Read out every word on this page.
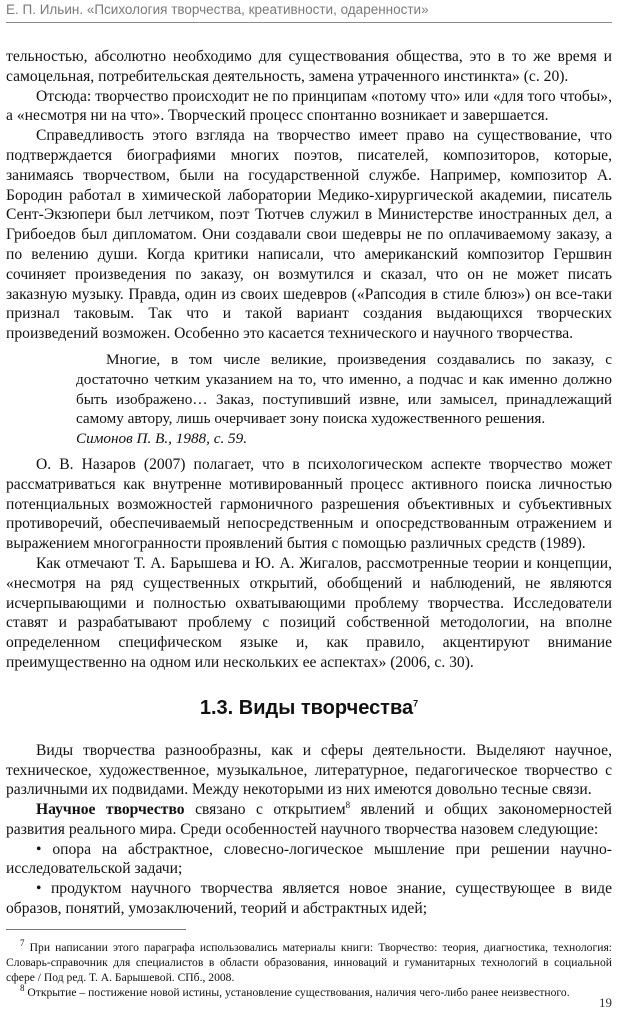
Е. П. Ильин. «Психология творчества, креативности, одаренности»

тельностью, абсолютно необходимо для существования общества, это в то же время и самоцельная, потребительская деятельность, замена утраченного инстинкта» (с. 20).

Отсюда: творчество происходит не по принципам «потому что» или «для того чтобы», а «несмотря ни на что». Творческий процесс спонтанно возникает и завершается.

Справедливость этого взгляда на творчество имеет право на существование, что подтверждается биографиями многих поэтов, писателей, композиторов, которые, занимаясь творчеством, были на государственной службе. Например, композитор А. Бородин работал в химической лаборатории Медико-хирургической академии, писатель Сент-Экзюпери был летчиком, поэт Тютчев служил в Министерстве иностранных дел, а Грибоедов был дипломатом. Они создавали свои шедевры не по оплачиваемому заказу, а по велению души. Когда критики написали, что американский композитор Гершвин сочиняет произведения по заказу, он возмутился и сказал, что он не может писать заказную музыку. Правда, один из своих шедевров («Рапсодия в стиле блюз») он все-таки признал таковым. Так что и такой вариант создания выдающихся творческих произведений возможен. Особенно это касается технического и научного творчества.

Многие, в том числе великие, произведения создавались по заказу, с достаточно четким указанием на то, что именно, а подчас и как именно должно быть изображено… Заказ, поступивший извне, или замысел, принадлежащий самому автору, лишь очерчивает зону поиска художественного решения.

Симонов П. В., 1988, с. 59.

О. В. Назаров (2007) полагает, что в психологическом аспекте творчество может рассматриваться как внутренне мотивированный процесс активного поиска личностью потенциальных возможностей гармоничного разрешения объективных и субъективных противоречий, обеспечиваемый непосредственным и опосредствованным отражением и выражением многогранности проявлений бытия с помощью различных средств (1989).

Как отмечают Т. А. Барышева и Ю. А. Жигалов, рассмотренные теории и концепции, «несмотря на ряд существенных открытий, обобщений и наблюдений, не являются исчерпывающими и полностью охватывающими проблему творчества. Исследователи ставят и разрабатывают проблему с позиций собственной методологии, на вполне определенном специфическом языке и, как правило, акцентируют внимание преимущественно на одном или нескольких ее аспектах» (2006, с. 30).

1.3. Виды творчества$^7$

Виды творчества разнообразны, как и сферы деятельности. Выделяют научное, техническое, художественное, музыкальное, литературное, педагогическое творчество с различными их подвидами. Между некоторыми из них имеются довольно тесные связи.

Научное творчество связано с открытием$^8$ явлений и общих закономерностей развития реального мира. Среди особенностей научного творчества назовем следующие:

• опора на абстрактное, словесно-логическое мышление при решении научно-исследовательской задачи;

• продуктом научного творчества является новое знание, существующее в виде образов, понятий, умозаключений, теорий и абстрактных идей;

$^7$ При написании этого параграфа использовались материалы книги: Творчество: теория, диагностика, технология: Словарь-справочник для специалистов в области образования, инноваций и гуманитарных технологий в социальной сфере / Под ред. Т. А. Барышевой. СПб., 2008.

$^8$ Открытие – постижение новой истины, установление существования, наличия чего-либо ранее неизвестного.

19
